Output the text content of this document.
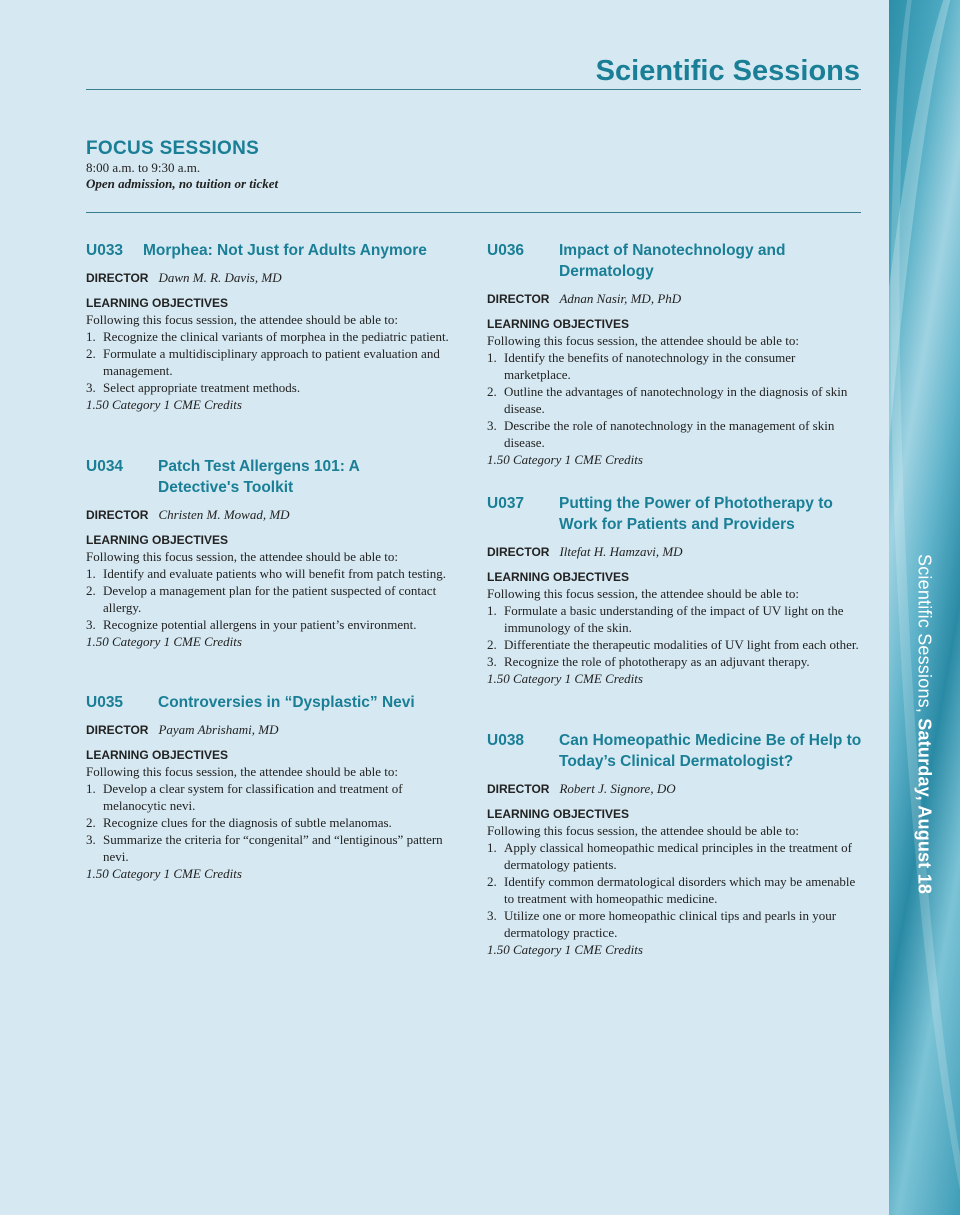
Scientific Sessions, Saturday, August 18
Scientific Sessions
FOCUS SESSIONS
8:00 a.m. to 9:30 a.m.
Open admission, no tuition or ticket
U033	Morphea: Not Just for Adults Anymore
DIRECTOR Dawn M. R. Davis, MD
LEARNING OBJECTIVES
Following this focus session, the attendee should be able to:
1. Recognize the clinical variants of morphea in the pediatric patient.
2. Formulate a multidisciplinary approach to patient evaluation and management.
3. Select appropriate treatment methods.
1.50 Category 1 CME Credits
U034	Patch Test Allergens 101: A Detective's Toolkit
DIRECTOR Christen M. Mowad, MD
LEARNING OBJECTIVES
Following this focus session, the attendee should be able to:
1. Identify and evaluate patients who will benefit from patch testing.
2. Develop a management plan for the patient suspected of contact allergy.
3. Recognize potential allergens in your patient’s environment.
1.50 Category 1 CME Credits
U035	Controversies in “Dysplastic” Nevi
DIRECTOR Payam Abrishami, MD
LEARNING OBJECTIVES
Following this focus session, the attendee should be able to:
1. Develop a clear system for classification and treatment of melanocytic nevi.
2. Recognize clues for the diagnosis of subtle melanomas.
3. Summarize the criteria for “congenital” and “lentiginous” pattern nevi.
1.50 Category 1 CME Credits
U036	Impact of Nanotechnology and Dermatology
DIRECTOR Adnan Nasir, MD, PhD
LEARNING OBJECTIVES
Following this focus session, the attendee should be able to:
1. Identify the benefits of nanotechnology in the consumer marketplace.
2. Outline the advantages of nanotechnology in the diagnosis of skin disease.
3. Describe the role of nanotechnology in the management of skin disease.
1.50 Category 1 CME Credits
U037	Putting the Power of Phototherapy to Work for Patients and Providers
DIRECTOR Iltefat H. Hamzavi, MD
LEARNING OBJECTIVES
Following this focus session, the attendee should be able to:
1. Formulate a basic understanding of the impact of UV light on the immunology of the skin.
2. Differentiate the therapeutic modalities of UV light from each other.
3. Recognize the role of phototherapy as an adjuvant therapy.
1.50 Category 1 CME Credits
U038	Can Homeopathic Medicine Be of Help to Today’s Clinical Dermatologist?
DIRECTOR Robert J. Signore, DO
LEARNING OBJECTIVES
Following this focus session, the attendee should be able to:
1. Apply classical homeopathic medical principles in the treatment of dermatology patients.
2. Identify common dermatological disorders which may be amenable to treatment with homeopathic medicine.
3. Utilize one or more homeopathic clinical tips and pearls in your dermatology practice.
1.50 Category 1 CME Credits
